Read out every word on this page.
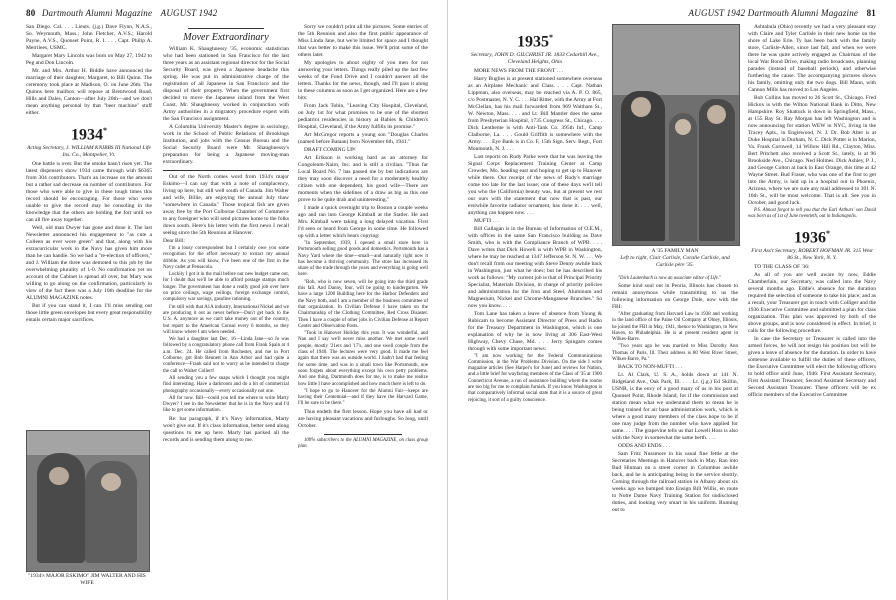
80 Dartmouth Alumni Magazine AUGUST 1942

San Diego. Cal. . . . Lieuts. (j.g.) Dave Flynn, N.A.S., So. Weymouth, Mass.; John Fletcher, A.V.S.; Harold Payne, A.V.S., Quonset Point, R. I. . . . Capt. Philip A. Merrilees, USMC.

Margaret Mary Lincoln was born on May 27, 1942 to Peg and Don Lincoln.

Mr. and Mrs. Arthur H. Biddle have announced the marriage of their daughter, Margaret, to Bill Quinn. The ceremony took place at Madison, O. on June 26th. The Quinns here mailbox will repose at Brentwood Road, Hills and Dales, Canton—after July 20th—and we don't mean anything personal by that "beer machine" stuff either.

1934*
Acting Secretary, J. WILLIAM KNIBBS III National Life Ins. Co., Montpelier, Vt.

One battle is over. But the smoke hasn't risen yet. The latest dispensers show 1934 came through with $6365 from 304 contributors. That's an increase on the amount but a rather sad decrease on number of contributors. For those who were able to give in these tough times this record should be encouraging. For those who were unable to give the record may be consoling in the knowledge that the others are holding the fort until we can all fire away together.

Well, old man Dwyer has gone and done it. The last Newsletter announced his engagement to "as cute a Colleen as ever wore green" and that, along with his extracurricular work in the Navy has given him more than he can handle. So we had a "re-election of officers," and J. William the three was demoted to this job by the overwhelming plurality of 1-0. No confirmation yet on account of the Cabinet is spread all over, but Mary was willing to go along on the confirmation, particularly in view of the fact there was a July 10th deadline for the ALUMNI MAGAZINE notes.

But if you can stand it, I can. I'll miss sending out those little green envelopes but every great responsibility entails certain major sacrifices.

"1934's MAJOR ESKIMO" JIM WALTER AND HIS WIFE
Mover Extraordinary

William K. Shaughnessy '35, economic statistician who had been stationed in San Francisco for the last three years as an assistant regional director for the Social Security Board, was given a Japanese headache this spring. He was put in administrative charge of the registration of all Japanese in San Francisco and the disposal of their property. When the government first decided to move the Japanese inland from the West Coast, Mr. Shaughnessy worked in conjunction with Army authorities in a migratory procedure expert with the San Francisco assignment.

A Columbia University Master's degree in sociology, work in the School of Public Relations of Brookings Institution, and jobs with the Census Bureau and the Social Security Board were Mr. Shaughnessy's preparation for being a Japanese moving-man extraordinary.

Out of the North comes word from 1934's major Eskimo—I can say that with a note of complacency, living up here, but still well south of Canada. Jim Walter and wife, Billie, are enjoying the annual July thaw "somewhere in Canada." Those tropical fish are given away free by the Port Colborne Chamber of Commerce to any foreigner who will send pictures home to the folks down south. Here's his letter with the first news I recall seeing since the 5th Reunion at Hanover.

Dear Bill:

I'm a lousy correspondent but I certainly owe you some recognition for the effort necessary to extract my annual dribble. As you will know, I've been one of the first in the Navy cadet at Pensacola.

Luckily I got it in the mail before our new budget came out, for I doubt that we'll be able to afford postage stamps much longer. The government has done a really good job over here on price ceilings, wage ceilings, foreign exchange control, compulsory war savings, gasoline rationing.

I'm still with that A1A industry, International Nickel and we are producing it out as never before—Don't get back to the U.S. A. anymore as we can't take money out of the country, but report to the American Consul every 6 months, so they will know where I am when needed.

We had a daughter last Dec. 16—Linda Jane—so Jo was followed by a congratulatory phone call from Frank Spain at 4 a.m. Dec. 24. He called from Rochester, and me in Port Colborne, got Bob Bennett in Ann Arbor and had quite a conference—Frank said not to worry as he intended to charge the call to Walter Collect!

All sending you a few snaps which I thought you might find interesting. Have a darkroom and do a bit of commercial photography occasionally—every occasionally not one.

All for now. Bill—could you tell me where to write Marty Dwyer? I see in the Newsletter that he is in the Navy and I'd like to get some information.

Re: bar paragraph, if it's Navy information, Marty won't give out. If it's class information, better send along questions to me up here. Marty has packed all the records and is sending them along to me.

Sorry we couldn't print all the pictures. Some entries of the 5th Reunion and also the first public appearance of Miss Linda Jane, but we're limited for space and I thought that was better to make this issue. We'll print some of the others later.

My apologies to about eighty of you men for not answering your letters. Things really piled up the last few weeks of the Fund Drive and I couldn't answer all the letters. Thanks for the news, though, and I'll pass it along in these columns as soon as I get organized. Here are a few bits:

From Jack Tobin, "Leaving City Hospital, Cleveland, on July 1st for what promises to be one of the shortest pediatrics residencies in history at Babies & Children's Hospital, Cleveland, if the Army fulfills its promise."

Art McGregor reports a young son "Douglas Charles (named before Bataan) born November 6th, 1941."

DRAFT COMING UP!

Art Erikson is working hard as an attorney for Congoleum-Nairn, Inc. and is still a civilian. "Thus far Local Board No. 7 has passed me by but indications are they may soon discover a need for a moderately healthy citizen with one dependent, his good wife—There are moments when the sidelines of a draw as big as this one prove to be quite drab and uninteresting."

I made a quick overnight trip to Boston a couple weeks ago and ran into George Kimball at the Statler. He and Mrs. Kimball were taking a long delayed vacation. First I'd seen or heard from George in some time. He followed up with a letter which bears copying:

"In September, 1939, I opened a small store here in Portsmouth selling good goods and domestics. Portsmouth has a Navy Yard where the time—small—and naturally right now it has become a thriving community. The store has increased its share of the trade through the years and everything is going well here.

"Bob, who is now seven, will be going into the third grade this fall. And Danny, four, will be going to kindergarten. We have a large 1200 Building here for the Harbor Defenders and the Navy both, and I am a member of the business committee of that organization. In Civilian Defense I have taken on the Chairmanship of the Clothing Committee, Red Cross Disaster. Then I have a couple of other jobs in Civilian Defense at Report Center and Observation Posts.

"Took in Hanover Holiday this year. It was wonderful, and Nan and I say we'll never miss another. We met some swell people, mostly '21ers and '17's, and one swell couple from the class of 1940. The lectures were very good. It made me feel again that there was an outside world. I hadn't had that feeling for some time, and was in a small town like Portsmouth, one soon forgets about everything except his own petty problems. And one thing, Dartmouth does for me, is to make me realize how little I have accomplished and how much there is left to do.

"I hope to go to Hanover for the Alumni Fair—keeps are having their Centennial—and if they have the Harvard Game, I'll be sure to be there."

Thus endeth the first lesson. Hope you have all had or are having pleasant vacations and furloughs. So long, until October.

100% subscribers to the ALUMNI MAGAZINE, on class group plan.

AUGUST 1942 Dartmouth Alumni Magazine 81
1935*
Secretary, JOHN D. GILCHRIST JR. 1833 Cedarhill Ave., Cleveland Heights, Ohio

MORE NEWS FROM THE FRONT . . .

Harry Buglies is at present stationed somewhere overseas as an Airplane Mechanic and Class. . . . Capt. Nathan Lippman, also overseas, may be reached via A. P. O. 865, c/o Postmaster, N. Y. C. . . . Hal Ritter, with the Army at Fort McClellan, has his mail forwarded from 969 Waltham St., W. Newton, Mass. . . . and Lt. Bill Mantler does the same from Presbyterian Hospital, 1735 Congress St., Chicago. . . . Dick Lentheme is with Anti-Tank Co. 395th Inf., Camp Claiborne, La. . . . Gould Griffith is somewhere with the Army. . . . Eye Bank is in Co. F, 15th Sign. Serv. Regt., Fort Monmouth, N. J. . . .

Last reports on Rudy Parke were that he was leaving the Signal Corps Replacement Training Center at Camp Crowder, Mo. heading east and hoping to get up to Hanover while there. Our receipt of the news of Rudy's marriage come too late for the last issue; one of these days we'll tell you who the (California) beauty was, but at present we rest our ours with the statement that now that is past, our erstwhile favorite radiator ornament, has done it. . . . well, anything can happen now. . . .

MUFTI . . .

Bill Gallagan is in the Bureau of Information of O.E.M., with offices in the same San Francisco building as Dave Smith, who is with the Compliance Branch of WPB. . . . Dave writes that Dick Howell is with WPB in Washington, where he may be reached at 1347 Jefferson St. N. W. . . . We don't recall from our meeting with Steve Denny awhile back in Washington, just what he does; but he has described his work as follows: "My current job is that of Principal Priority Specialist, Materials Division, in charge of priority policies and administration for the Iron and Steel, Aluminum and Magnesium, Nickel and Chrome-Manganese Branches." So now you know. . . .

Tom Lane has taken a leave of absence from Young & Rubicam to become Assistant Director of Press and Radio for the Treasury Department in Washington, which is one explanation of why he is now living at 306 East-West Highway, Chevy Chase, Md. . . . Jerry Spingarn comes through with some important news:

"I am now working for the Federal Communications Commission, in the War Problems Division. On the side I write magazine articles (See Harper's for June) and reviews for Nation, and a little brief for wayfaring members of the Class of '35 at 1900 Connecticut Avenue, a run of assistance building where the rooms are too big for me to complain furnish. If you know Washington is that comparatively informal social state that it is a source of great rejoicing, it sort of a guilty conscience.

A '35 FAMILY MAN
Left to right, Clair Carlisle, Coralie Carlisle, and Carlisle père '35.

"Dick Lautenbach is now an associate editor of Life."

Some kind soul out in Peoria, Illinois has chosen to remain anonymous while transmitting to us the following information on George Dole, now with the FBI:

"After graduating from Harvard Law in 1938 and working in the land office of the Paine Oil Company at Olney, Illinois, he joined the FBI in May, 1941, thence to Washington, to New Haven, to Philadelphia. He is at present resident agent in Wilkes-Barre.

"Two years ago he was married to Miss Dorothy Ann Thomas of Paris, Ill. Their address is 80 West River Street, Wilkes-Barre, Pa."

BACK TO NON-MUFTI . . .

Lt. Al Clark, U. S. A., holds down at 141 N. Ridgeland Ave., Oak Park, Ill. . . . Lt. (j.g.) Ed Skillin, USNR, is the envy of a good many of us in his post at Quonset Point, Rhode Island, for if the commission and station mean what we understand them to mean he is being trained for air base administration work, which is where a good many members of the class hope to be if one may judge from the number who have applied for same. . . . The grapevine tells us that Lowell Hoss is also with the Navy in somewhat the same berth. . . .

ODDS AND ENDS . . .

Sam Fritz Nussmore in his usual fine fettle at the Secretaries Meetings in Hanover back in May. Ran into Bud Hinman on a street corner in Columbus awhile back, and he is anticipating being in the service shortly. Coming through the railroad station in Albany about six weeks ago we bumped into Ensign Bill Willis, en route to Notre Dame Navy Training Station for undisclosed duties, and looking very smart in his uniform. Running out to

Ashtabula (Ohio) recently we had a very pleasant stay with Claire and Tyler Carlisle in their new home on the shore of Lake Erie. Ty has been back with the family store, Carlisle-Allen, since last fall, and when we were there he was quite actively engaged as Chairman of the local War Bond Drive, making radio broadcasts, planning parades (instead of baseball periods), and otherwise furthering the cause. The accompanying pictures shows his family, omitting only the two dogs. Bill Mann, with Cannon Mills has moved to Los Angeles.

Bob Collins has moved to 26 Scott St., Chicago. Fred Hickox is with the Wilton National Bank in Ditto, New Hampshire. Roy Shattuck is down in Springfield, Mass., at 155 Bay St. Ray Morgan has left Washington and is now announcing for station WEW in NYC, living in the Tracey Apts., in Englewood, N. J. Dr. Bob Alter is at Duke Hospital in Durham, N. C. Dick Potter is in Marion, Va. Frank Cornwell, 14 Willow Hill Rd., Clayton, Miss. Bert Pritchett also received a Scott St., lately, is at 96 Brookside Ave., Chicago. Ned Holmes. Dick Ashley, P. J., and George Colton at back in East Orange, this time at 42 Wayne Street. Bud Fraser, who was one of the first to get into the Army, is laid up in a hospital out in Phoenix, Arizona, where we are sure any mail addressed to 301 N. 16th St., will be most welcome. That is all. See you in October, and good luck.

P.S. Almost forgot to tell you that the Earl Arthurs' son David was born as of 1st of June twentieth, out in Indianapolis.

1936*
First Ass't Secretary, ROBERT HOFMAN JR. 315 West 86 St., New York, N. Y.

TO THE CLASS OF '36:

As all of you are well aware by now, Eddie Chamberlain, our Secretary, was called into the Navy several months ago. Eddie's absence for the duration required the selection of someone to take his place; and as a result, your Treasurer got in touch with Colliger and the 1936 Executive Committee and submitted a plan for class organization. This plan was approved by both of the above groups, and is now considered in effect. In brief, it calls for the following procedure.

In case the Secretary or Treasurer is called into the armed forces, he will not resign his position but will be given a leave of absence for the duration. In order to have someone available to fulfill the duties of these officers, the Executive Committee will elect the following officers to hold office until June, 1946: First Assistant Secretary, First Assistant Treasurer, Second Assistant Secretary and Second Assistant Treasurer. These officers will be ex officio members of the Executive Committee
